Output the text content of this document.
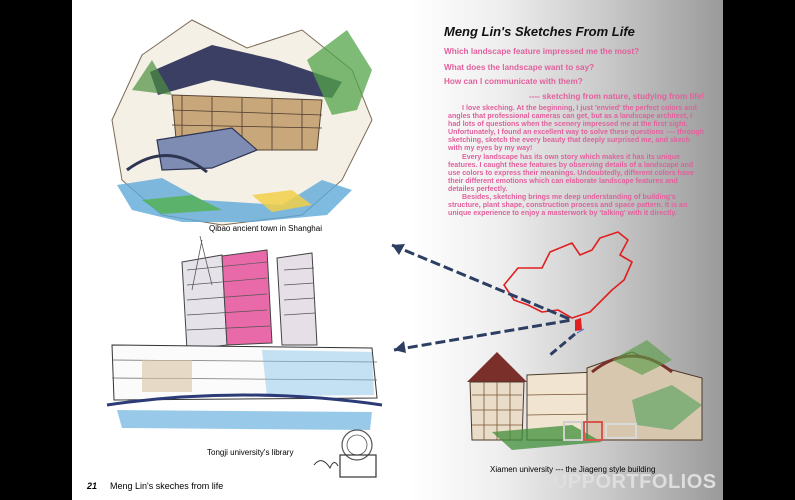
Meng Lin's Sketches From Life
Which landscape feature impressed me the most?
What does the landscape want to say?
How can I communicate with them?
---- sketching from nature, studying from life!

I love skeching. At the beginning, I just 'envied' the perfect colors and angles that professional cameras can get, but as a landscape architect, I had lots of questions when the scenery impressed me at the first sight. Unfortunately, I found an excellent way to solve these questions ---- through sketching, sketch the every beauty that deeply surprised me, and skech with my eyes by my way!

Every landscape has its own story which makes it has its unique features. I caught these features by observing details of a landscape and use colors to express their meanings. Undoubtedly, different colors have their different emotions which can elaborate landscape features and detailes perfectly.

Besides, sketching brings me deep understanding of building's structure, plant shape, construction process and space pattern. It is an unique experience to enjoy a masterwork by 'talking' with it directly.

Qibao ancient town in Shanghai
Tongji university's library
Xiamen university --- the Jiageng style building
SUPPORTFOLIOS
21 Meng Lin's skeches from life
